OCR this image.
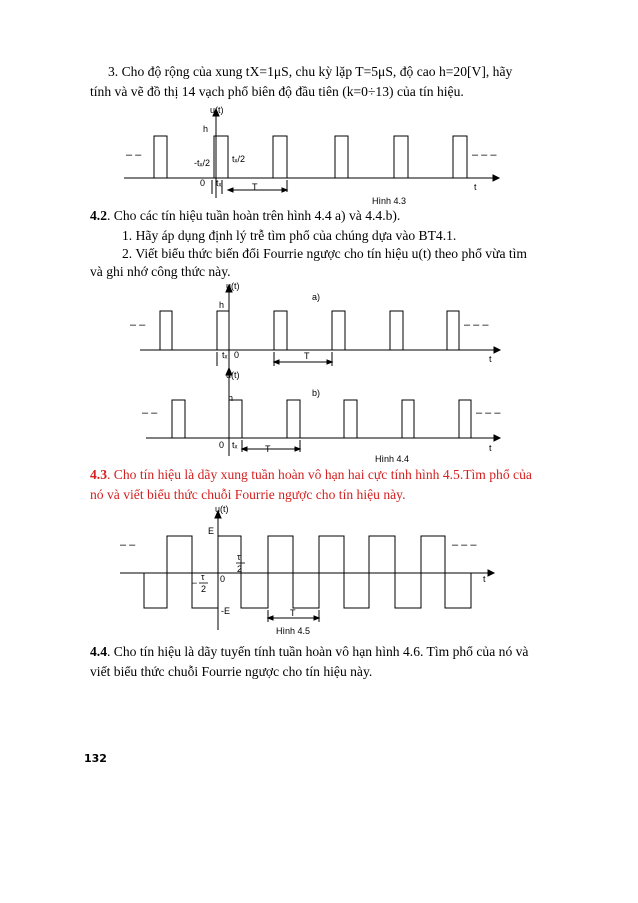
3. Cho độ rộng của xung tX=1μS, chu kỳ lặp T=5μS, độ cao h=20[V], hãy

tính và vẽ đồ thị 14 vạch phổ biên độ đầu tiên (k=0÷13) của tín hiệu.

u(t)
h
-tₓ/2 tₓ/2
0 tₓ	T	t
– –	– – –
Hình 4.3

4.2. Cho các tín hiệu tuần hoàn trên hình 4.4 a) và 4.4.b).

1. Hãy áp dụng định lý trễ tìm phổ của chúng dựa vào BT4.1.

2. Viết biểu thức biến đổi Fourrie ngược cho tín hiệu u(t) theo phổ vừa tìm

và ghi nhớ công thức này.

u(t)
a)
h
tₓ 0	T	t
– –	– – –
u(t)
b)
h
0 tₓ	T	t
– –	– – –
Hình 4.4

4.3. Cho tín hiệu là dãy xung tuần hoàn vô hạn hai cực tính hình 4.5.Tìm phổ của

nó và viết biểu thức chuỗi Fourrie ngược cho tín hiệu này.

u(t)
E
τ
2
0
−
τ
2
-E	T
t
– –	– – –
Hình 4.5

4.4. Cho tín hiệu là dãy tuyến tính tuần hoàn vô hạn hình 4.6. Tìm phổ của nó và

viết biểu thức chuỗi Fourrie ngược cho tín hiệu này.

132
